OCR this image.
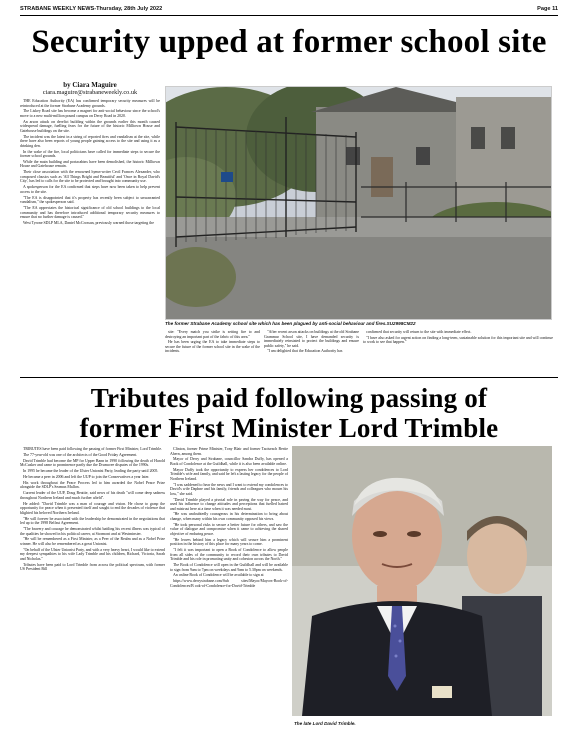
STRABANE WEEKLY NEWS-Thursday, 28th July 2022	Page 11
Security upped at former school site
by Ciara Maguire
ciara.maguire@strabaneweekly.co.uk

THE Education Authority (EA) has confirmed temporary security measures will be reintroduced at the former Strabane Academy grounds.

The Liskey Road site has become a magnet for anti-social behaviour since the school's move to a new multi-million pound campus on Derry Road in 2020.

An arson attack on derelict building within the grounds earlier this month caused widespread damage, fuelling fears for the future of the historic Milltown House and Gatehouse buildings on the site.

The incident was the latest in a string of reported fires and vandalism at the site, while there have also been reports of young people gaining access to the site and using it as a drinking den.

In the wake of the fire, local politicians have called for immediate steps to secure the former school grounds.

While the main building and portacabins have been demolished, the historic Milltown House and Gatehouse remain.

Their close association with the renowned hymn-writer Cecil Frances Alexander, who composed classics such as 'All Things Bright and Beautiful' and 'Once in Royal David's City', has led to calls for the site to be protected and brought into community use.

A spokesperson for the EA confirmed that steps have now been taken to help prevent access to the site.

"The EA is disappointed that it's property has recently been subject to unwarranted vandalism," the spokesperson said.

"The EA appreciates the historical significance of old school buildings to the local community and has therefore introduced additional temporary security measures to ensure that no further damage is caused."

West Tyrone SDLP MLA, Daniel McCrossan, previously warned those targeting the

The former Strabane Academy school site which has been plagued by anti-social behaviour and fires.SU2998CM22

site: "Every match you strike is setting fire to and destroying an important part of the fabric of this area."

He has been urging the EA to take immediate steps to secure the future of the former school site in the wake of the incidents.

"After recent arson attacks on buildings at the old Strabane Grammar School site, I have demanded security is immediately reinstated to protect the buildings and ensure public safety," he said.

"I am delighted that the Education Authority has

confirmed that security will return to the site with immediate effect.

"I have also asked for urgent action on finding a long-term, sustainable solution for this important site and will continue to work to see that happen."

Tributes paid following passing of
former First Minister Lord Trimble

TRIBUTES have been paid following the passing of former First Minister, Lord Trimble.

The 77-year-old was one of the architects of the Good Friday Agreement.

David Trimble had become the MP for Upper Bann in 1990 following the death of Harold McCusker and came to prominence partly due the Drumcree disputes of the 1990s.

In 1995 he became the leader of the Ulster Unionist Party, leading the party until 2005.

He became a peer in 2006 and left the UUP to join the Conservatives a year later.

His work throughout the Peace Process led to him awarded the Nobel Peace Prize alongside the SDLP's Seamus Mallon.

Current leader of the UUP, Doug Beattie, said news of his death "will come deep sadness throughout Northern Ireland and much further afield".

He added: "David Trimble was a man of courage and vision. He chose to grasp the opportunity for peace when it presented itself and sought to end the decades of violence that blighted his beloved Northern Ireland.

"He will forever be associated with the leadership he demonstrated in the negotiations that led up to the 1998 Belfast Agreement.

"The bravery and courage he demonstrated whilst battling his recent illness was typical of the qualities he showed in his political career, at Stormont and at Westminster.

"He will be remembered as a First Minister, as a Peer of the Realm and as a Nobel Prize winner. He will also be remembered as a great Unionist.

"On behalf of the Ulster Unionist Party, and with a very heavy heart, I would like to extend my deepest sympathies to his wife Lady Trimble and his children, Richard, Victoria, Sarah and Nicholas."

Tributes have been paid to Lord Trimble from across the political spectrum, with former US President Bill

Clinton, former Prime Minister, Tony Blair and former Taoiseach Bertie Ahern, among them.

Mayor of Derry and Strabane, councillor Sandra Duffy, has opened a Book of Condolence at the Guildhall, while it is also been available online.

Mayor Duffy took the opportunity to express her condolences to Lord Trimble's wife and family, and said he left a lasting legacy for the people of Northern Ireland.

"I was saddened to hear the news and I want to extend my condolences to David's wife Daphne and his family, friends and colleagues who mourn his loss," she said.

"David Trimble played a pivotal role in paving the way for peace, and used his influence to change attitudes and perceptions that fuelled hatred and mistrust here at a time when it was needed most.

"He was undoubtedly courageous in his determination to bring about change, when many within his own community opposed his views.

"He took personal risks to secure a better future for others, and saw the value of dialogue and compromise when it came to achieving the shared objective of enduring peace.

"He leaves behind him a legacy which will secure him a prominent position in the history of this place for many years to come.

"I felt it was important to open a Book of Condolence to allow people from all sides of the community to record their own tributes to David Trimble and his role in promoting unity and cohesion across the North."

The Book of Condolence will open in the Guildhall and will be available to sign from 9am to 7pm on weekdays and 9am to 5.30pm on weekends.

An online Book of Condolence will be available to sign at

https://www.derrystrabane.com/Sub sites/Mayor/Mayors-Book-of-Condolences/B ook-of-Condolence-for-David-Trimble

The late Lord David Trimble.
